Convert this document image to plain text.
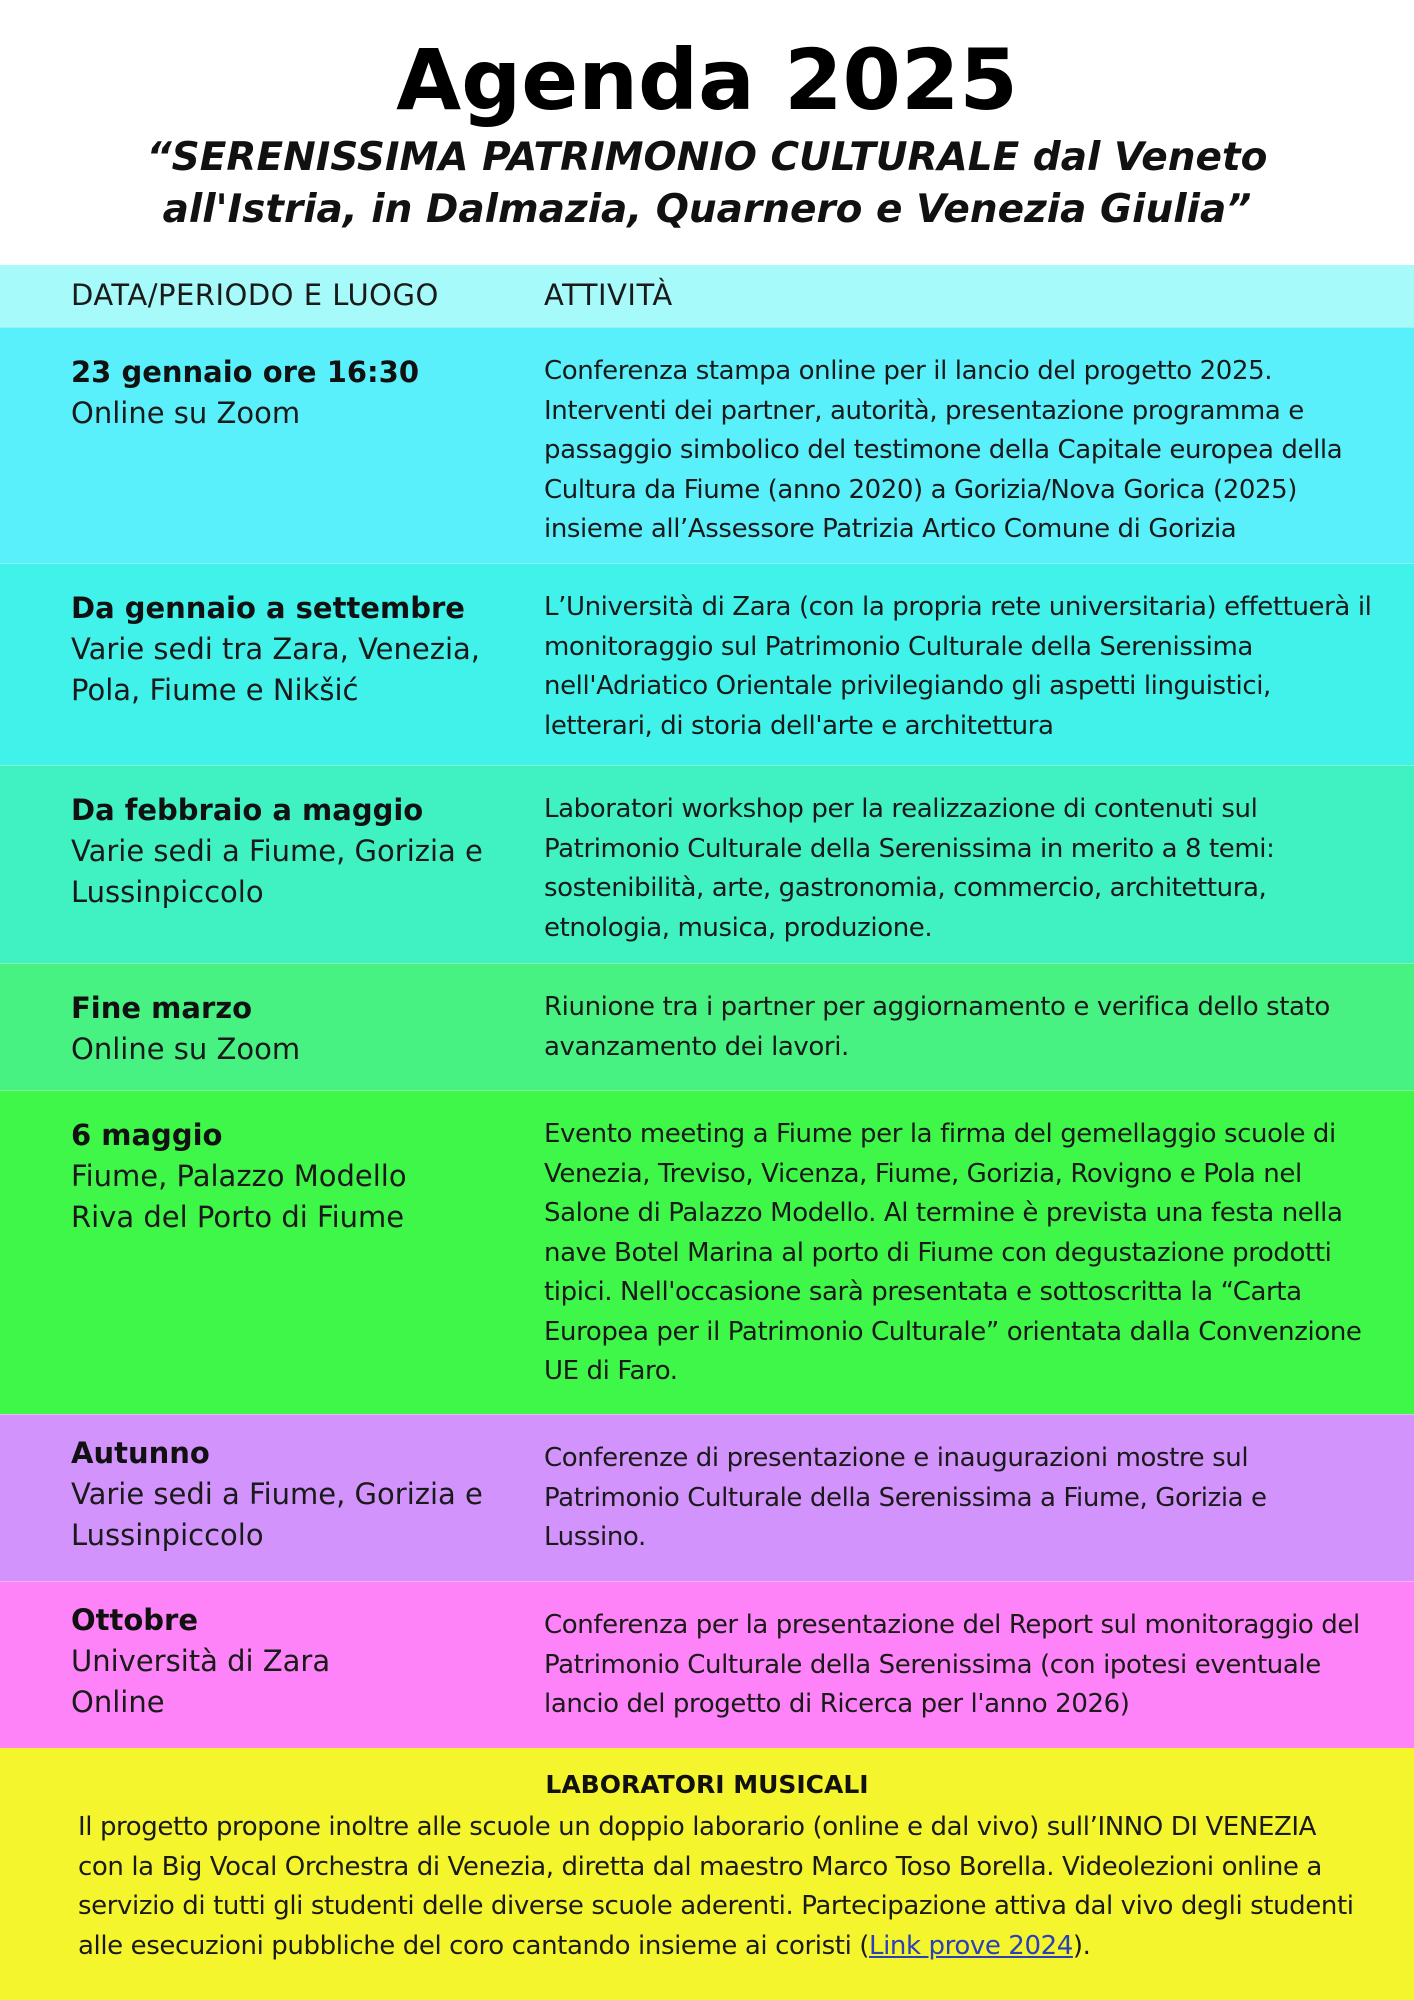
Agenda 2025
“SERENISSIMA PATRIMONIO CULTURALE dal Veneto all'Istria, in Dalmazia, Quarnero e Venezia Giulia”
DATA/PERIODO E LUOGO	ATTIVITÀ
23 gennaio ore 16:30
Online su Zoom
Conferenza stampa online per il lancio del progetto 2025. Interventi dei partner, autorità, presentazione programma e passaggio simbolico del testimone della Capitale europea della Cultura da Fiume (anno 2020) a Gorizia/Nova Gorica (2025) insieme all’Assessore Patrizia Artico Comune di Gorizia
Da gennaio a settembre
Varie sedi tra Zara, Venezia, Pola, Fiume e Nikšić
L’Università di Zara (con la propria rete universitaria) effettuerà il monitoraggio sul Patrimonio Culturale della Serenissima nell'Adriatico Orientale privilegiando gli aspetti linguistici, letterari, di storia dell'arte e architettura
Da febbraio a maggio
Varie sedi a Fiume, Gorizia e Lussinpiccolo
Laboratori workshop per la realizzazione di contenuti sul Patrimonio Culturale della Serenissima in merito a 8 temi: sostenibilità, arte, gastronomia, commercio, architettura, etnologia, musica, produzione.
Fine marzo
Online su Zoom
Riunione tra i partner per aggiornamento e verifica dello stato avanzamento dei lavori.
6 maggio
Fiume, Palazzo Modello
Riva del Porto di Fiume
Evento meeting a Fiume per la firma del gemellaggio scuole di Venezia, Treviso, Vicenza, Fiume, Gorizia, Rovigno e Pola nel Salone di Palazzo Modello. Al termine è prevista una festa nella nave Botel Marina al porto di Fiume con degustazione prodotti tipici. Nell'occasione sarà presentata e sottoscritta la “Carta Europea per il Patrimonio Culturale” orientata dalla Convenzione UE di Faro.
Autunno
Varie sedi a Fiume, Gorizia e Lussinpiccolo
Conferenze di presentazione e inaugurazioni mostre sul Patrimonio Culturale della Serenissima a Fiume, Gorizia e Lussino.
Ottobre
Università di Zara
Online
Conferenza per la presentazione del Report sul monitoraggio del Patrimonio Culturale della Serenissima (con ipotesi eventuale lancio del progetto di Ricerca per l'anno 2026)
LABORATORI MUSICALI
Il progetto propone inoltre alle scuole un doppio laborario (online e dal vivo) sull’INNO DI VENEZIA con la Big Vocal Orchestra di Venezia, diretta dal maestro Marco Toso Borella. Videolezioni online a servizio di tutti gli studenti delle diverse scuole aderenti. Partecipazione attiva dal vivo degli studenti alle esecuzioni pubbliche del coro cantando insieme ai coristi (Link prove 2024).
